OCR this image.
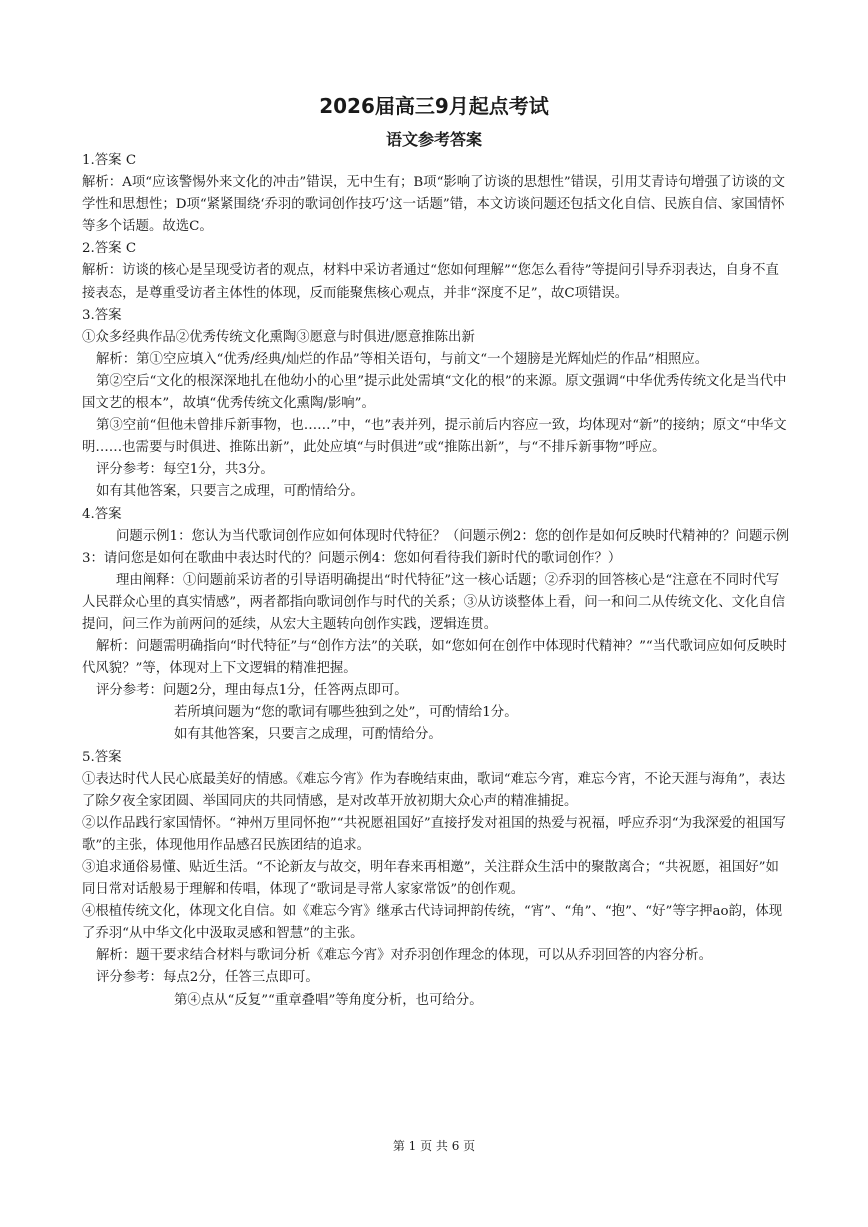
2026届高三9月起点考试
语文参考答案

1.答案 C

解析：A项“应该警惕外来文化的冲击”错误，无中生有；B项“影响了访谈的思想性”错误，引用艾青诗句增强了访谈的文学性和思想性；D项“紧紧围绕‘乔羽的歌词创作技巧’这一话题”错，本文访谈问题还包括文化自信、民族自信、家国情怀等多个话题。故选C。

2.答案 C

解析：访谈的核心是呈现受访者的观点，材料中采访者通过“您如何理解”“您怎么看待”等提问引导乔羽表达，自身不直接表态，是尊重受访者主体性的体现，反而能聚焦核心观点，并非“深度不足”，故C项错误。

3.答案

①众多经典作品②优秀传统文化熏陶③愿意与时俱进/愿意推陈出新

解析：第①空应填入“优秀/经典/灿烂的作品”等相关语句，与前文“一个翅膀是光辉灿烂的作品”相照应。

第②空后“文化的根深深地扎在他幼小的心里”提示此处需填“文化的根”的来源。原文强调“中华优秀传统文化是当代中国文艺的根本”，故填“优秀传统文化熏陶/影响”。

第③空前“但他未曾排斥新事物，也……”中，“也”表并列，提示前后内容应一致，均体现对“新”的接纳；原文“中华文明……也需要与时俱进、推陈出新”，此处应填“与时俱进”或“推陈出新”，与“不排斥新事物”呼应。

评分参考：每空1分，共3分。

如有其他答案，只要言之成理，可酌情给分。

4.答案

问题示例1：您认为当代歌词创作应如何体现时代特征？（问题示例2：您的创作是如何反映时代精神的？问题示例3：请问您是如何在歌曲中表达时代的？问题示例4：您如何看待我们新时代的歌词创作？）

理由阐释：①问题前采访者的引导语明确提出“时代特征”这一核心话题；②乔羽的回答核心是“注意在不同时代写人民群众心里的真实情感”，两者都指向歌词创作与时代的关系；③从访谈整体上看，问一和问二从传统文化、文化自信提问，问三作为前两问的延续，从宏大主题转向创作实践，逻辑连贯。

解析：问题需明确指向“时代特征”与“创作方法”的关联，如“您如何在创作中体现时代精神？”“当代歌词应如何反映时代风貌？”等，体现对上下文逻辑的精准把握。

评分参考：问题2分，理由每点1分，任答两点即可。

若所填问题为“您的歌词有哪些独到之处”，可酌情给1分。

如有其他答案，只要言之成理，可酌情给分。

5.答案

①表达时代人民心底最美好的情感。《难忘今宵》作为春晚结束曲，歌词“难忘今宵，难忘今宵，不论天涯与海角”，表达了除夕夜全家团圆、举国同庆的共同情感，是对改革开放初期大众心声的精准捕捉。

②以作品践行家国情怀。“神州万里同怀抱”“共祝愿祖国好”直接抒发对祖国的热爱与祝福，呼应乔羽“为我深爱的祖国写歌”的主张，体现他用作品感召民族团结的追求。

③追求通俗易懂、贴近生活。“不论新友与故交，明年春来再相邀”，关注群众生活中的聚散离合；“共祝愿，祖国好”如同日常对话般易于理解和传唱，体现了“歌词是寻常人家家常饭”的创作观。

④根植传统文化，体现文化自信。如《难忘今宵》继承古代诗词押韵传统，“宵”、“角”、“抱”、“好”等字押ao韵，体现了乔羽“从中华文化中汲取灵感和智慧”的主张。

解析：题干要求结合材料与歌词分析《难忘今宵》对乔羽创作理念的体现，可以从乔羽回答的内容分析。

评分参考：每点2分，任答三点即可。

第④点从“反复”“重章叠唱”等角度分析，也可给分。

第 1 页 共 6 页
